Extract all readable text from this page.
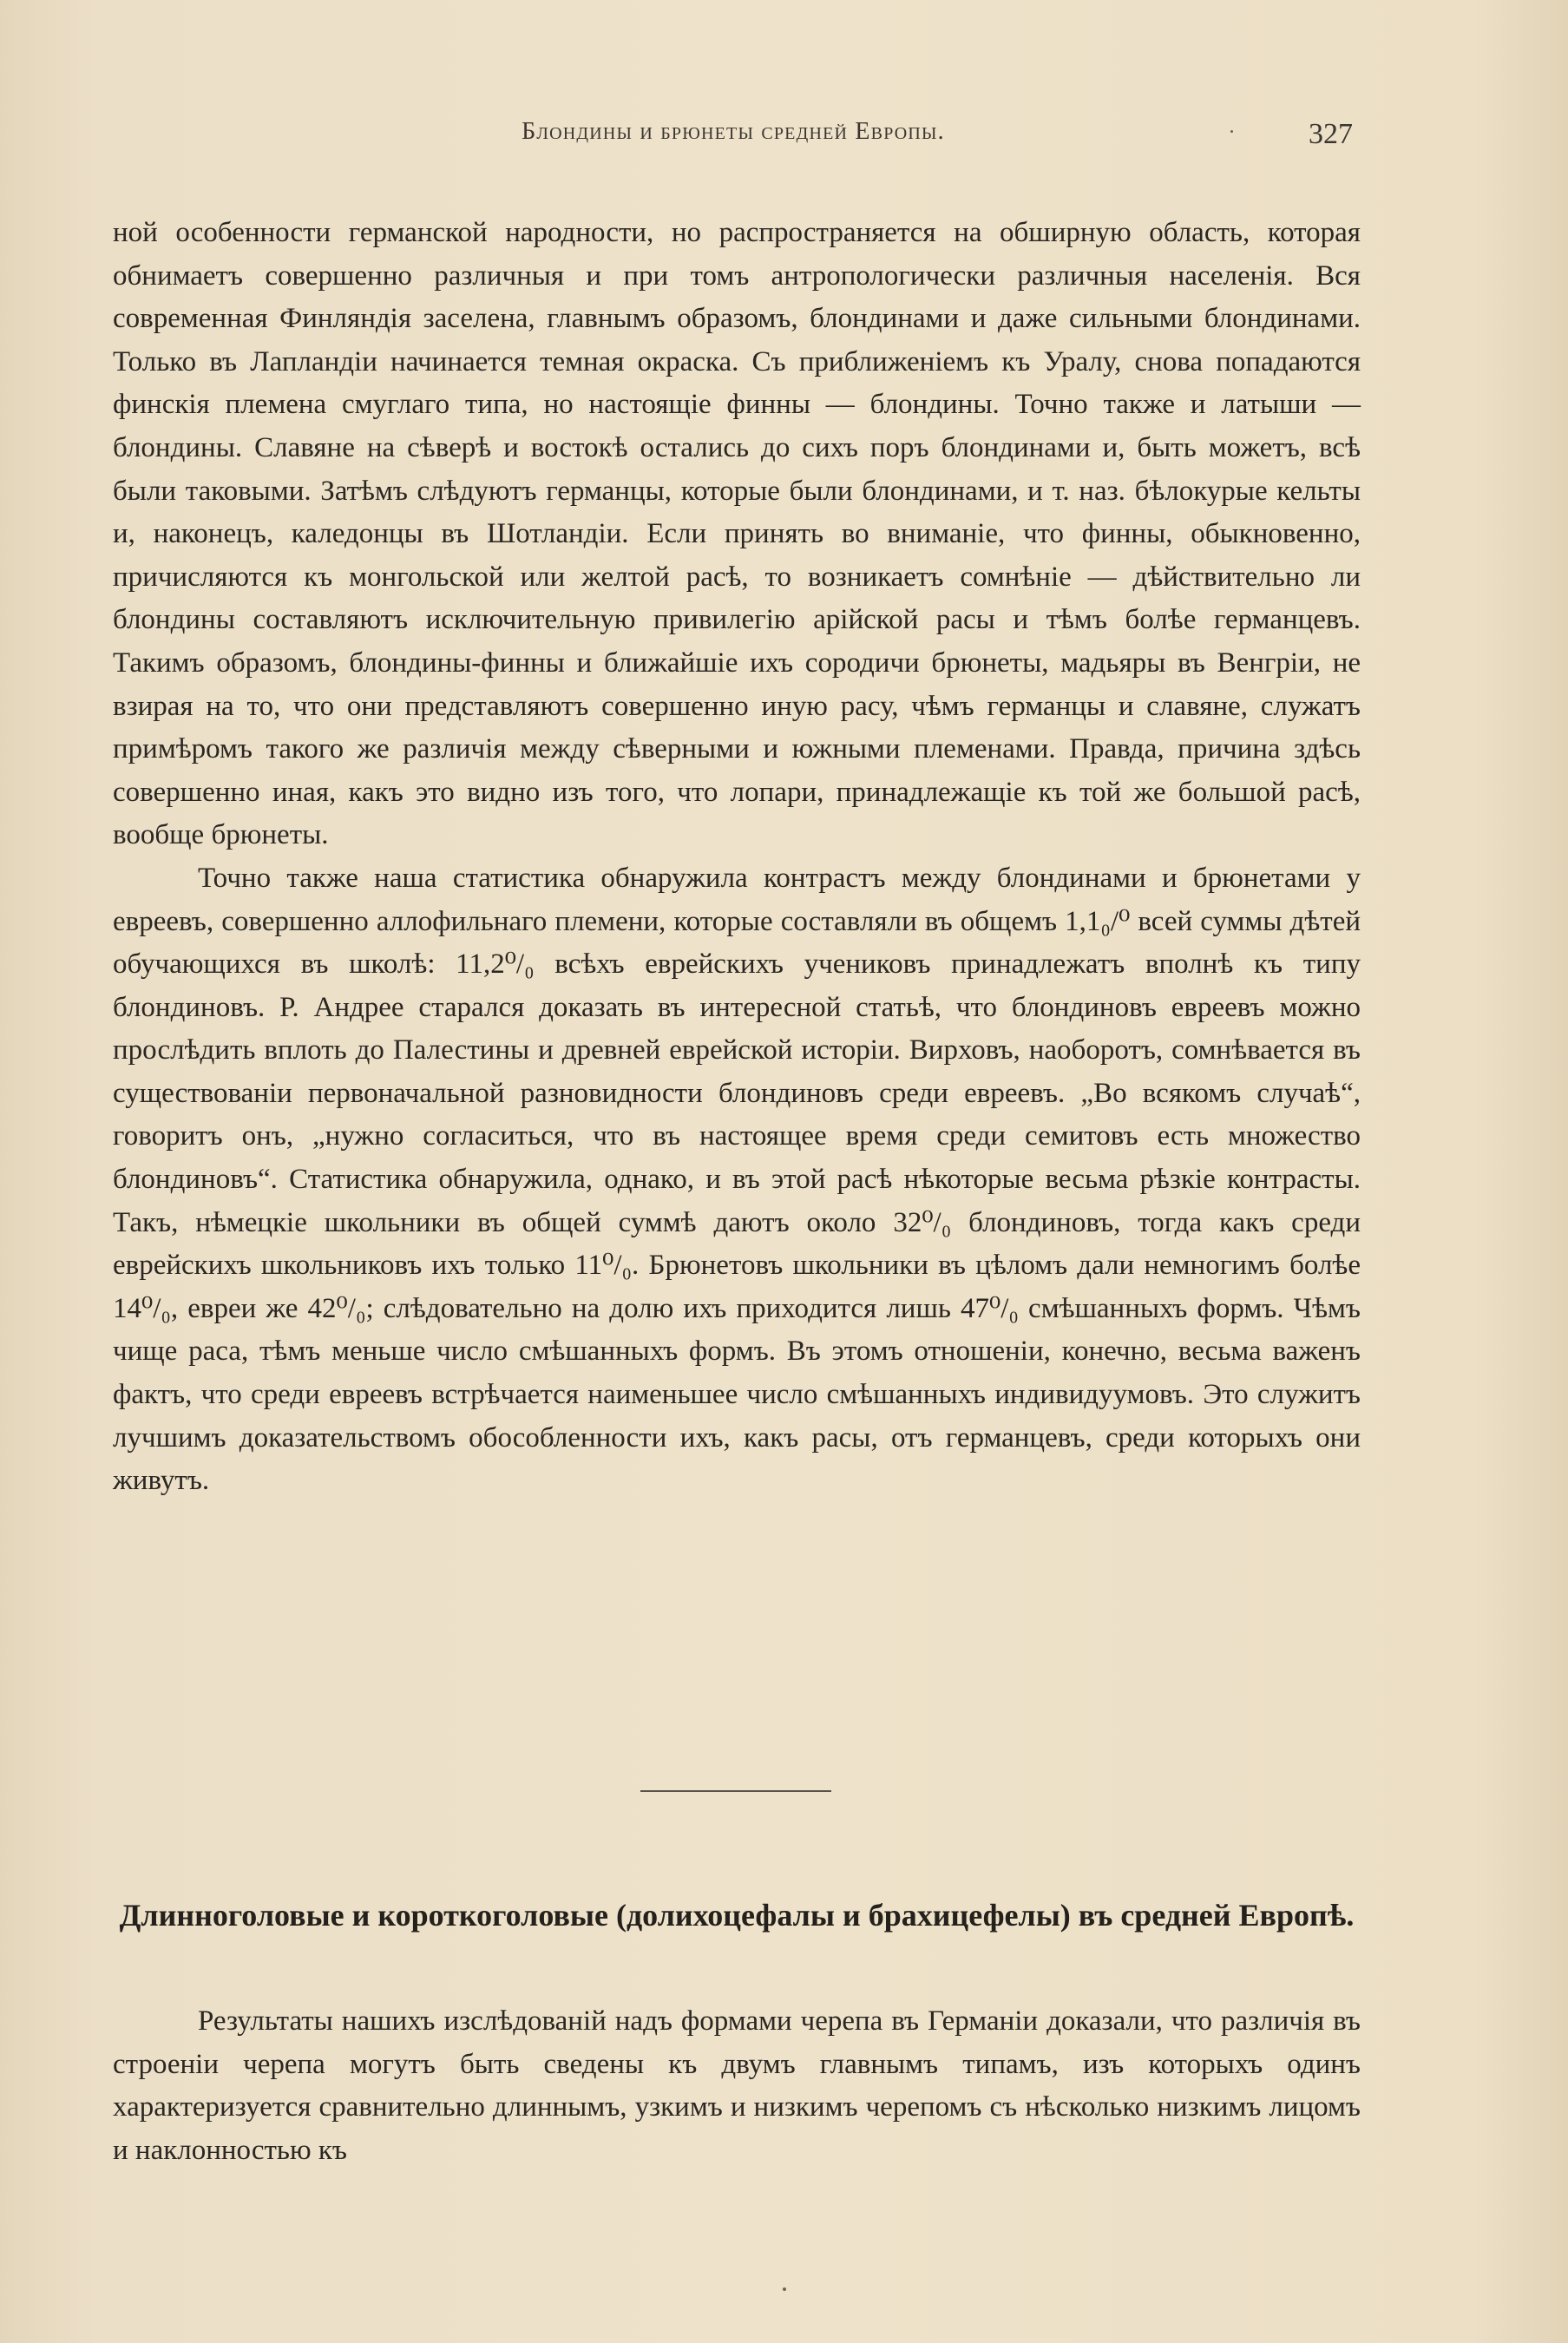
Блондины и брюнеты средней Европы.	327

ной особенности германской народности, но распространяется на обширную область, которая обнимаетъ совершенно различныя и при томъ антропологически различныя населенія. Вся современная Финляндія заселена, главнымъ образомъ, блондинами и даже сильными блондинами. Только въ Лапландіи начинается темная окраска. Съ приближеніемъ къ Уралу, снова попадаются финскія племена смуглаго типа, но настоящіе финны — блондины. Точно также и латыши — блондины. Славяне на сѣверѣ и востокѣ остались до сихъ поръ блондинами и, быть можетъ, всѣ были таковыми. Затѣмъ слѣдуютъ германцы, которые были блондинами, и т. наз. бѣлокурые кельты и, наконецъ, каледонцы въ Шотландіи. Если принять во вниманіе, что финны, обыкновенно, причисляются къ монгольской или желтой расѣ, то возникаетъ сомнѣніе — дѣйствительно ли блондины составляютъ исключительную привилегію арійской расы и тѣмъ болѣе германцевъ. Такимъ образомъ, блондины-финны и ближайшіе ихъ сородичи брюнеты, мадьяры въ Венгріи, не взирая на то, что они представляютъ совершенно иную расу, чѣмъ германцы и славяне, служатъ примѣромъ такого же различія между сѣверными и южными племенами. Правда, причина здѣсь совершенно иная, какъ это видно изъ того, что лопари, принадлежащіе къ той же большой расѣ, вообще брюнеты.

Точно также наша статистика обнаружила контрастъ между блондинами и брюнетами у евреевъ, совершенно аллофильнаго племени, которые составляли въ общемъ 1,1₀/⁰ всей суммы дѣтей обучающихся въ школѣ: 11,2⁰/₀ всѣхъ еврейскихъ учениковъ принадлежатъ вполнѣ къ типу блондиновъ. Р. Андрее старался доказать въ интересной статьѣ, что блондиновъ евреевъ можно прослѣдить вплоть до Палестины и древней еврейской исторіи. Вирховъ, наоборотъ, сомнѣвается въ существованіи первоначальной разновидности блондиновъ среди евреевъ. „Во всякомъ случаѣ“, говоритъ онъ, „нужно согласиться, что въ настоящее время среди семитовъ есть множество блондиновъ“. Статистика обнаружила, однако, и въ этой расѣ нѣкоторые весьма рѣзкіе контрасты. Такъ, нѣмецкіе школьники въ общей суммѣ даютъ около 32⁰/₀ блондиновъ, тогда какъ среди еврейскихъ школьниковъ ихъ только 11⁰/₀. Брюнетовъ школьники въ цѣломъ дали немногимъ болѣе 14⁰/₀, евреи же 42⁰/₀; слѣдовательно на долю ихъ приходится лишь 47⁰/₀ смѣшанныхъ формъ. Чѣмъ чище раса, тѣмъ меньше число смѣшанныхъ формъ. Въ этомъ отношеніи, конечно, весьма важенъ фактъ, что среди евреевъ встрѣчается наименьшее число смѣшанныхъ индивидуумовъ. Это служитъ лучшимъ доказательствомъ обособленности ихъ, какъ расы, отъ германцевъ, среди которыхъ они живутъ.

Длинноголовые и короткоголовые (долихоцефалы и брахицефелы) въ средней Европѣ.

Результаты нашихъ изслѣдованій надъ формами черепа въ Германіи доказали, что различія въ строеніи черепа могутъ быть сведены къ двумъ главнымъ типамъ, изъ которыхъ одинъ характеризуется сравнительно длиннымъ, узкимъ и низкимъ черепомъ съ нѣсколько низкимъ лицомъ и наклонностью къ
